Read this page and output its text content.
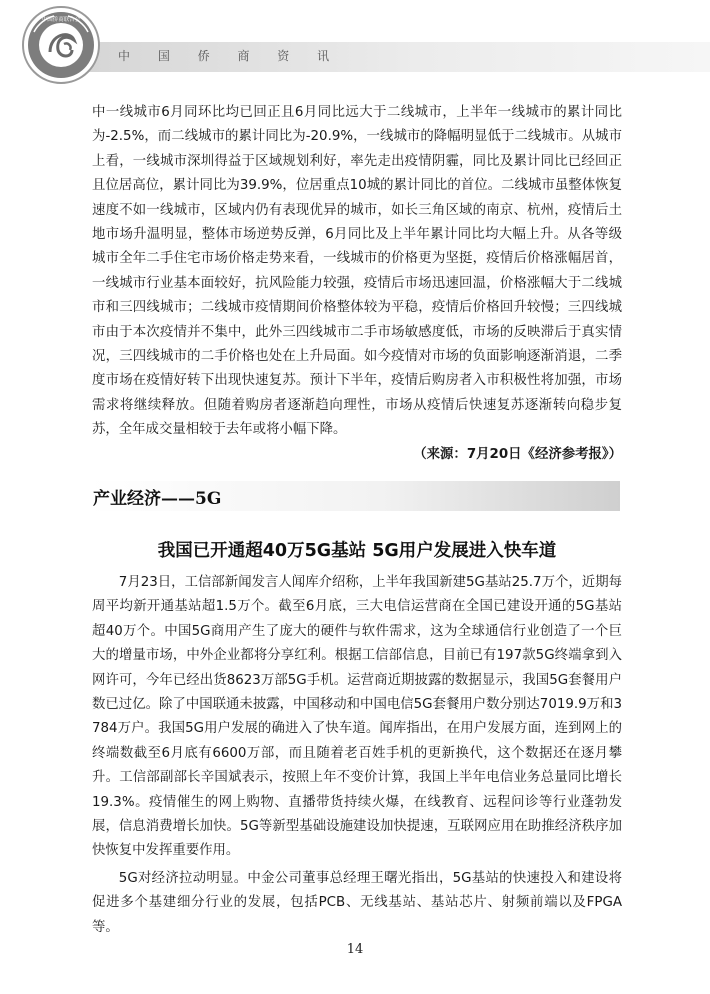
中国侨商联合会
中 国 侨 商 资 讯

中一线城市6月同环比均已回正且6月同比远大于二线城市，上半年一线城市的累计同比为-2.5%，而二线城市的累计同比为-20.9%，一线城市的降幅明显低于二线城市。从城市上看，一线城市深圳得益于区域规划利好，率先走出疫情阴霾，同比及累计同比已经回正且位居高位，累计同比为39.9%，位居重点10城的累计同比的首位。二线城市虽整体恢复速度不如一线城市，区域内仍有表现优异的城市，如长三角区域的南京、杭州，疫情后土地市场升温明显，整体市场逆势反弹，6月同比及上半年累计同比均大幅上升。从各等级城市全年二手住宅市场价格走势来看，一线城市的价格更为坚挺，疫情后价格涨幅居首，一线城市行业基本面较好，抗风险能力较强，疫情后市场迅速回温，价格涨幅大于二线城市和三四线城市；二线城市疫情期间价格整体较为平稳，疫情后价格回升较慢；三四线城市由于本次疫情并不集中，此外三四线城市二手市场敏感度低，市场的反映滞后于真实情况，三四线城市的二手价格也处在上升局面。如今疫情对市场的负面影响逐渐消退，二季度市场在疫情好转下出现快速复苏。预计下半年，疫情后购房者入市积极性将加强，市场需求将继续释放。但随着购房者逐渐趋向理性，市场从疫情后快速复苏逐渐转向稳步复苏，全年成交量相较于去年或将小幅下降。

（来源：7月20日《经济参考报》）
产业经济——5G
我国已开通超40万5G基站 5G用户发展进入快车道

7月23日，工信部新闻发言人闻库介绍称，上半年我国新建5G基站25.7万个，近期每周平均新开通基站超1.5万个。截至6月底，三大电信运营商在全国已建设开通的5G基站超40万个。中国5G商用产生了庞大的硬件与软件需求，这为全球通信行业创造了一个巨大的增量市场，中外企业都将分享红利。根据工信部信息，目前已有197款5G终端拿到入网许可，今年已经出货8623万部5G手机。运营商近期披露的数据显示，我国5G套餐用户数已过亿。除了中国联通未披露，中国移动和中国电信5G套餐用户数分别达7019.9万和3784万户。我国5G用户发展的确进入了快车道。闻库指出，在用户发展方面，连到网上的终端数截至6月底有6600万部，而且随着老百姓手机的更新换代，这个数据还在逐月攀升。工信部副部长辛国斌表示，按照上年不变价计算，我国上半年电信业务总量同比增长19.3%。疫情催生的网上购物、直播带货持续火爆，在线教育、远程问诊等行业蓬勃发展，信息消费增长加快。5G等新型基础设施建设加快提速，互联网应用在助推经济秩序加快恢复中发挥重要作用。

5G对经济拉动明显。中金公司董事总经理王曙光指出，5G基站的快速投入和建设将促进多个基建细分行业的发展，包括PCB、无线基站、基站芯片、射频前端以及FPGA等。

14
